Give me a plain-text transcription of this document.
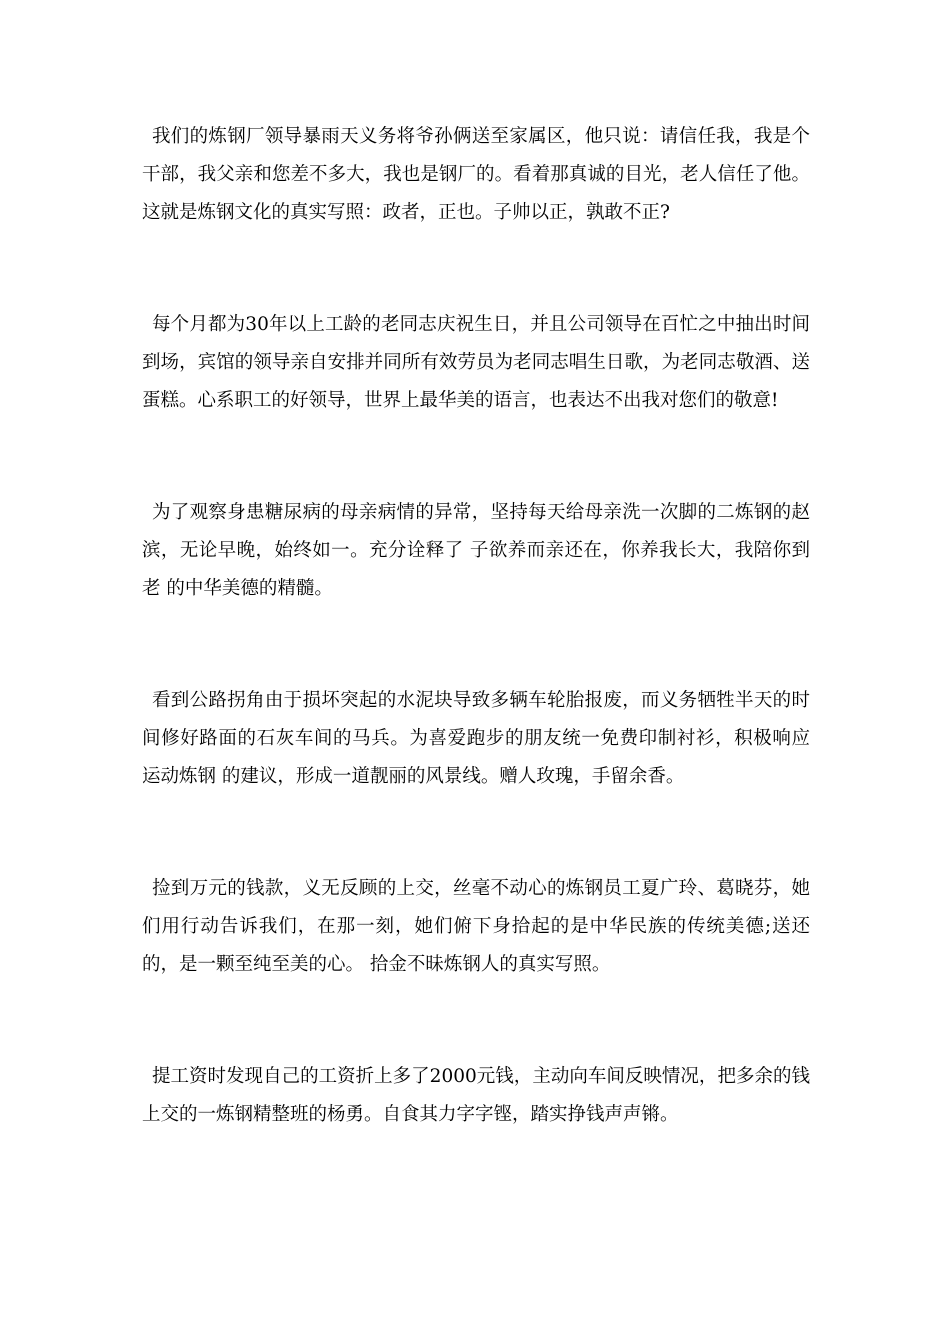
我们的炼钢厂领导暴雨天义务将爷孙俩送至家属区，他只说：请信任我，我是个干部，我父亲和您差不多大，我也是钢厂的。看着那真诚的目光，老人信任了他。这就是炼钢文化的真实写照：政者，正也。子帅以正，孰敢不正?

每个月都为30年以上工龄的老同志庆祝生日，并且公司领导在百忙之中抽出时间到场，宾馆的领导亲自安排并同所有效劳员为老同志唱生日歌，为老同志敬酒、送蛋糕。心系职工的好领导，世界上最华美的语言，也表达不出我对您们的敬意!

为了观察身患糖尿病的母亲病情的异常，坚持每天给母亲洗一次脚的二炼钢的赵滨，无论早晚，始终如一。充分诠释了 子欲养而亲还在，你养我长大，我陪你到老 的中华美德的精髓。

看到公路拐角由于损坏突起的水泥块导致多辆车轮胎报废，而义务牺牲半天的时间修好路面的石灰车间的马兵。为喜爱跑步的朋友统一免费印制衬衫，积极响应 运动炼钢 的建议，形成一道靓丽的风景线。赠人玫瑰，手留余香。

捡到万元的钱款，义无反顾的上交，丝毫不动心的炼钢员工夏广玲、葛晓芬，她们用行动告诉我们，在那一刻，她们俯下身拾起的是中华民族的传统美德;送还的，是一颗至纯至美的心。 拾金不昧炼钢人的真实写照。

提工资时发现自己的工资折上多了2000元钱，主动向车间反映情况，把多余的钱上交的一炼钢精整班的杨勇。自食其力字字铿，踏实挣钱声声锵。
